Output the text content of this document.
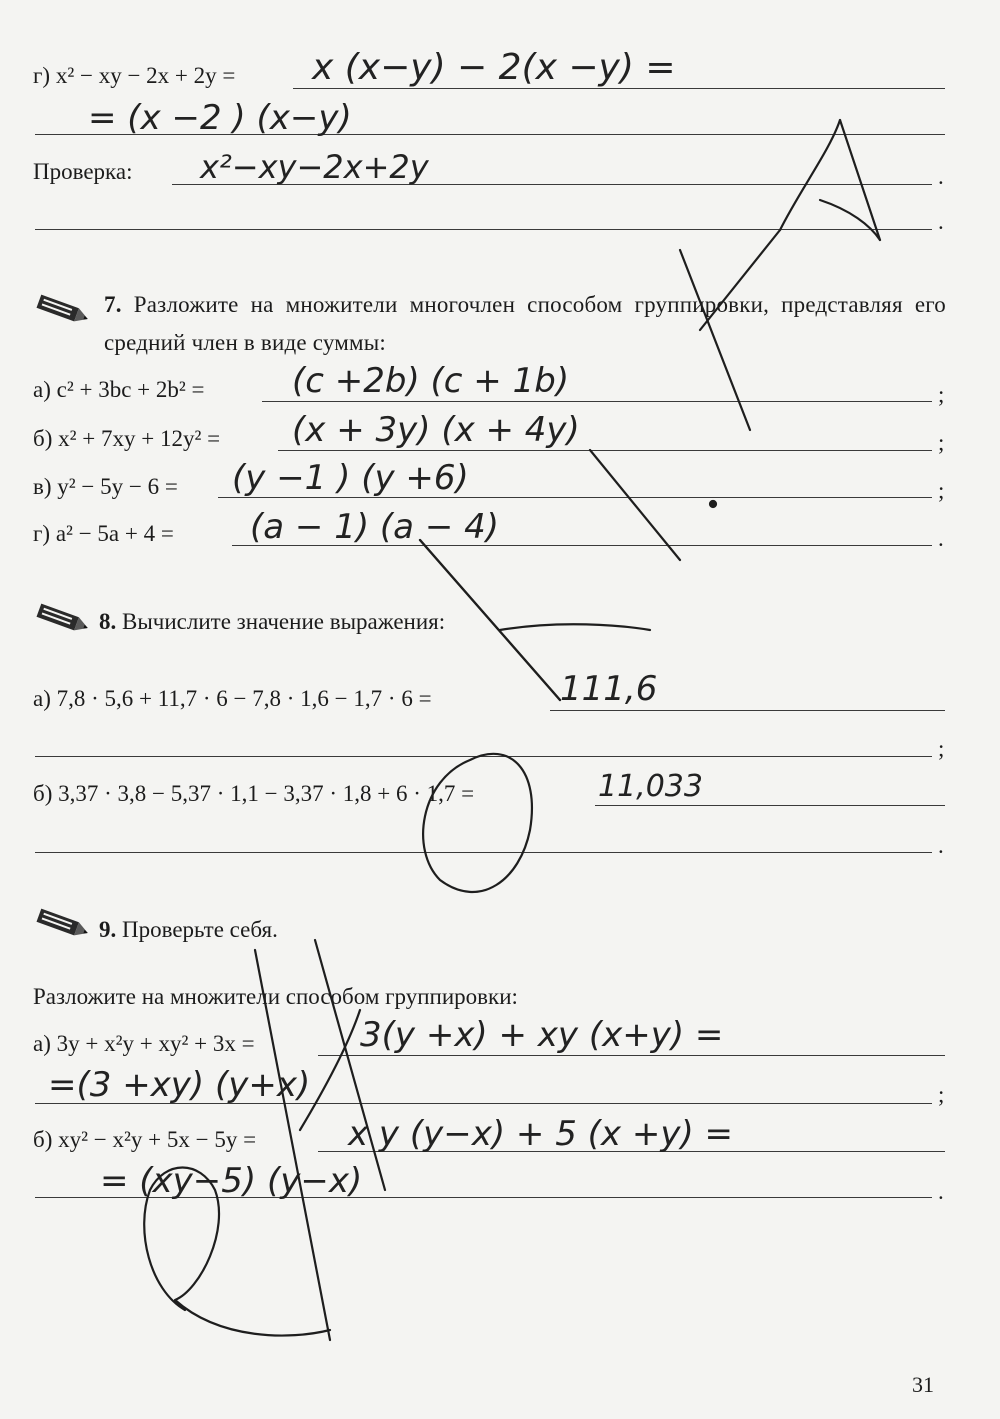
г) x² − xy − 2x + 2y = x (x−y) − 2(x −y) =
= (x −2 ) (x−y)
Проверка: x²−xy−2x+2y	.
.
7. Разложите на множители многочлен способом группировки, представляя его средний член в виде суммы:
а) c² + 3bc + 2b² =	(c +2b) (c + 1b)	;
б) x² + 7xy + 12y² = (x + 3y) (x + 4y)	;
в) y² − 5y − 6 = (y −1 ) (y +6)	;
г) a² − 5a + 4 = (a − 1) (a − 4)	.
8. Вычислите значение выражения:
а) 7,8 · 5,6 + 11,7 · 6 − 7,8 · 1,6 − 1,7 · 6 =	111,6
;
б) 3,37 · 3,8 − 5,37 · 1,1 − 3,37 · 1,8 + 6 · 1,7 =	11,033
.
9. Проверьте себя.
Разложите на множители способом группировки:
а) 3y + x²y + xy² + 3x =	3(y +x) + xy (x+y) =
=(3 +xy) (y+x)	;
б) xy² − x²y + 5x − 5y =	x y (y−x) + 5 (x +y) =
= (xy−5) (y−x)	.
31
